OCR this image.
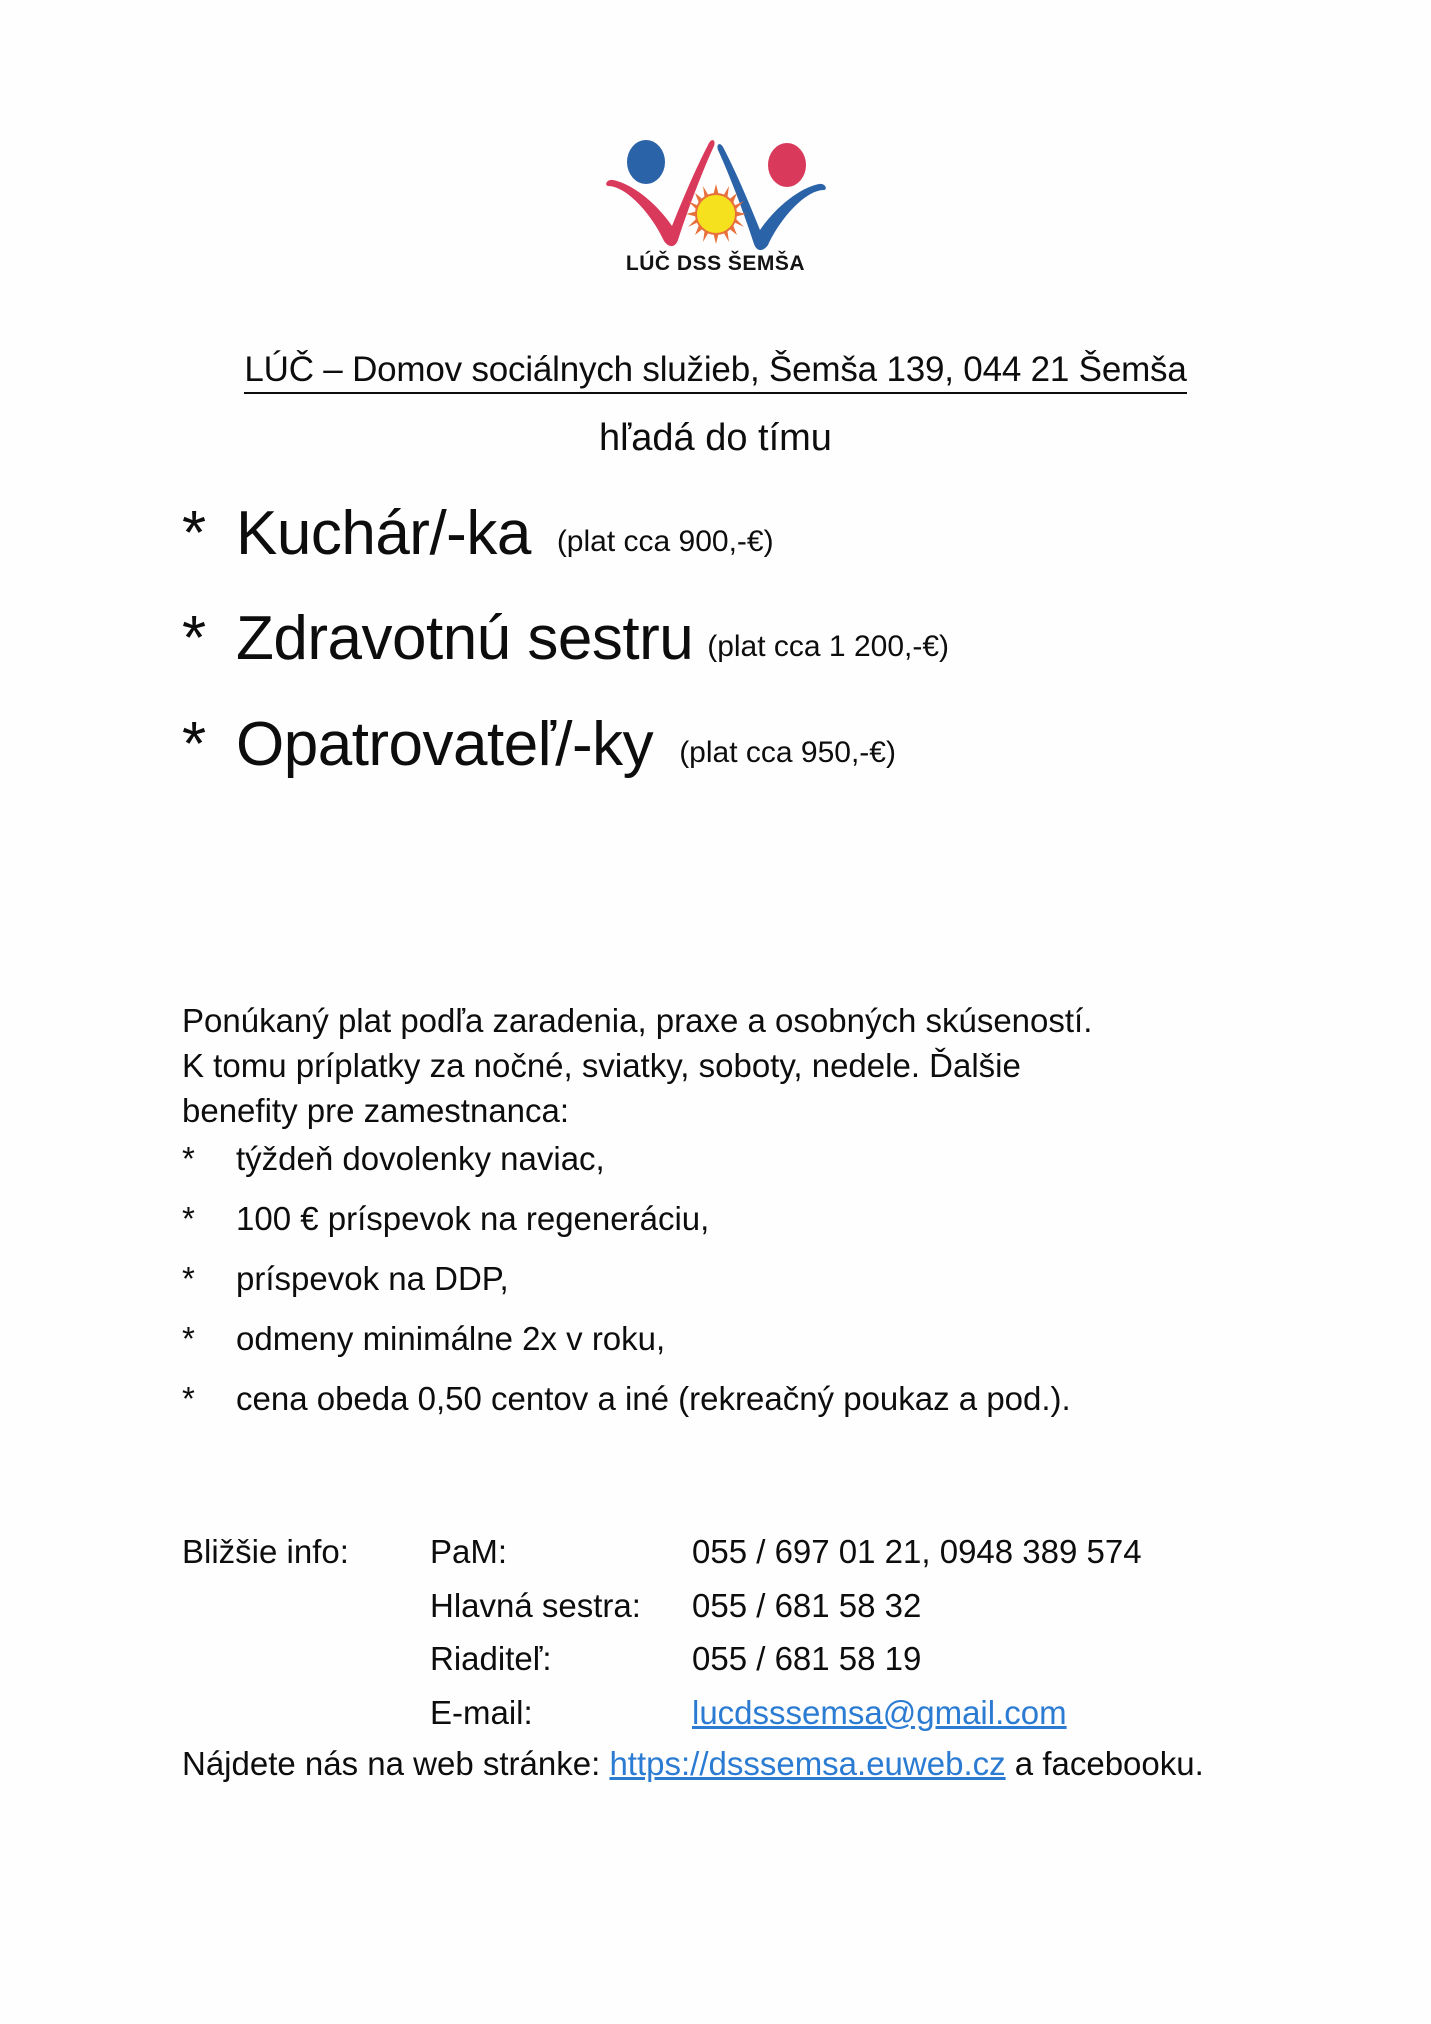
LÚČ DSS ŠEMŠA
LÚČ – Domov sociálnych služieb, Šemša 139, 044 21 Šemša
hľadá do tímu
* Kuchár/-ka (plat cca 900,-€)
* Zdravotnú sestru (plat cca 1 200,-€)
* Opatrovateľ/-ky (plat cca 950,-€)

Ponúkaný plat podľa zaradenia, praxe a osobných skúseností.

K tomu príplatky za nočné, sviatky, soboty, nedele. Ďalšie

benefity pre zamestnanca:

*	týždeň dovolenky naviac,
*	100 € príspevok na regeneráciu,
*	príspevok na DDP,
*	odmeny minimálne 2x v roku,
*	cena obeda 0,50 centov a iné (rekreačný poukaz a pod.).
Bližšie info:	PaM:	055 / 697 01 21, 0948 389 574
Hlavná sestra:	055 / 681 58 32
Riaditeľ:	055 / 681 58 19
E-mail:	lucdsssemsa@gmail.com
Nájdete nás na web stránke: https://dsssemsa.euweb.cz a facebooku.
